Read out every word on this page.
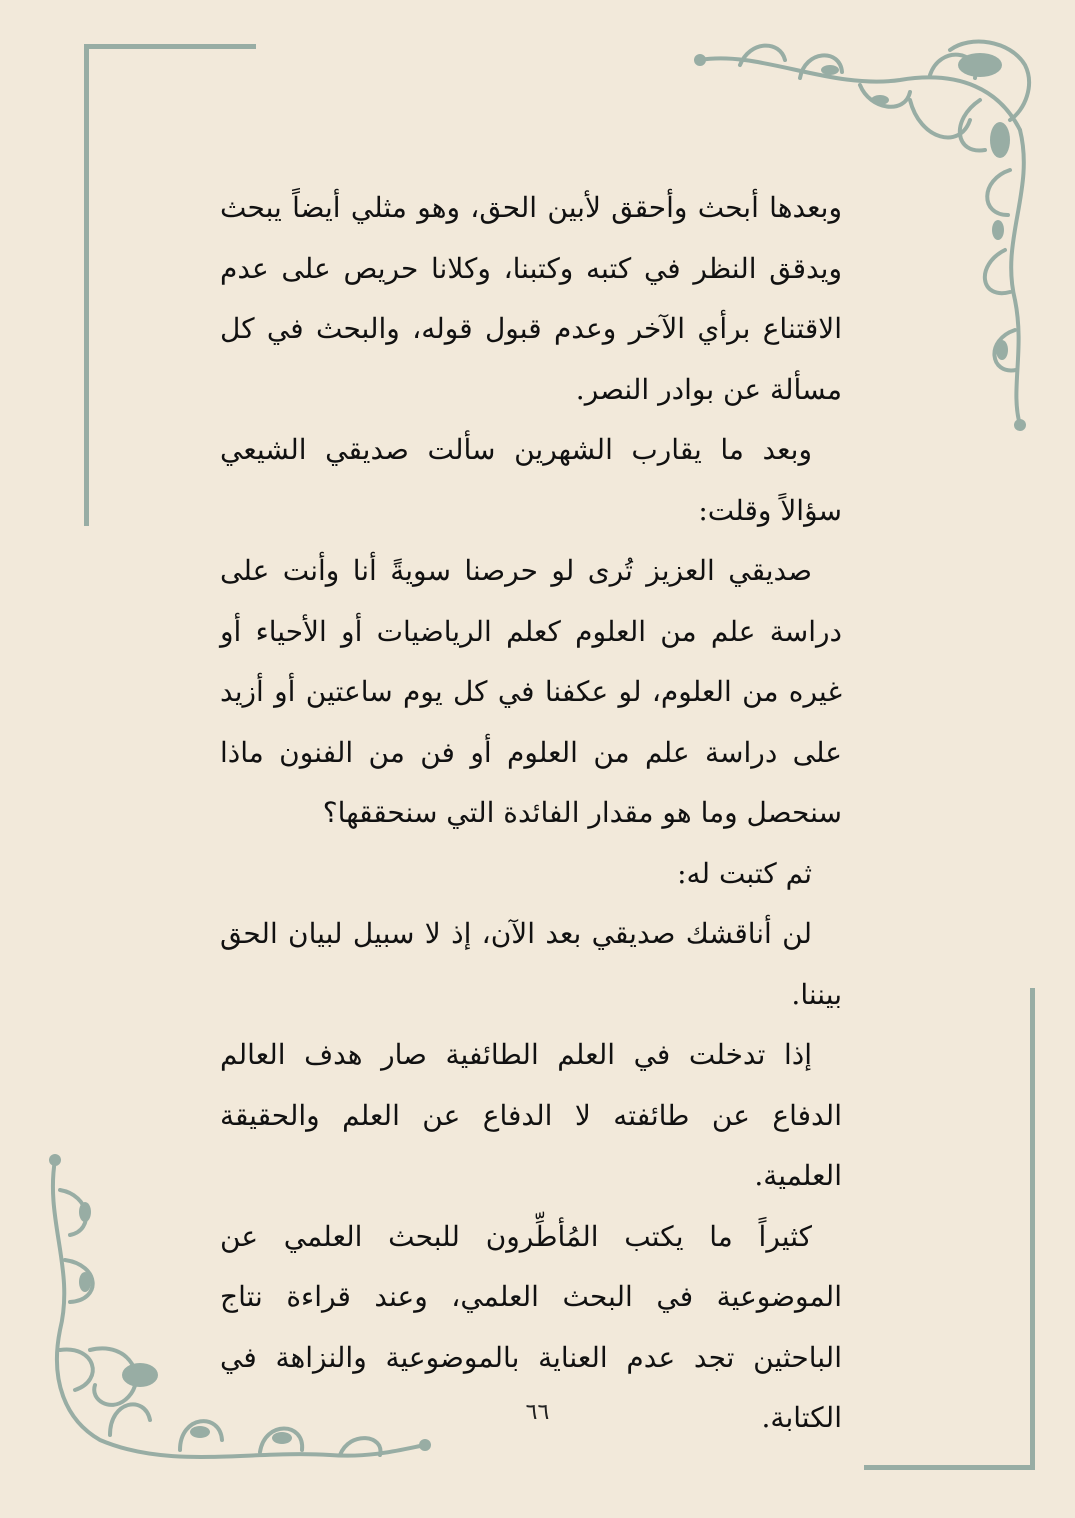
وبعدها أبحث وأحقق لأبين الحق، وهو مثلي أيضاً يبحث ويدقق النظر في كتبه وكتبنا، وكلانا حريص على عدم الاقتناع برأي الآخر وعدم قبول قوله، والبحث في كل مسألة عن بوادر النصر.

وبعد ما يقارب الشهرين سألت صديقي الشيعي سؤالاً وقلت:

صديقي العزيز تُرى لو حرصنا سويةً أنا وأنت على دراسة علم من العلوم كعلم الرياضيات أو الأحياء أو غيره من العلوم، لو عكفنا في كل يوم ساعتين أو أزيد على دراسة علم من العلوم أو فن من الفنون ماذا سنحصل وما هو مقدار الفائدة التي سنحققها؟

ثم كتبت له:

لن أناقشك صديقي بعد الآن، إذ لا سبيل لبيان الحق بيننا.

إذا تدخلت في العلم الطائفية صار هدف العالم الدفاع عن طائفته لا الدفاع عن العلم والحقيقة العلمية.

كثيراً ما يكتب المُأطِّرون للبحث العلمي عن الموضوعية في البحث العلمي، وعند قراءة نتاج الباحثين تجد عدم العناية بالموضوعية والنزاهة في الكتابة.

٦٦
